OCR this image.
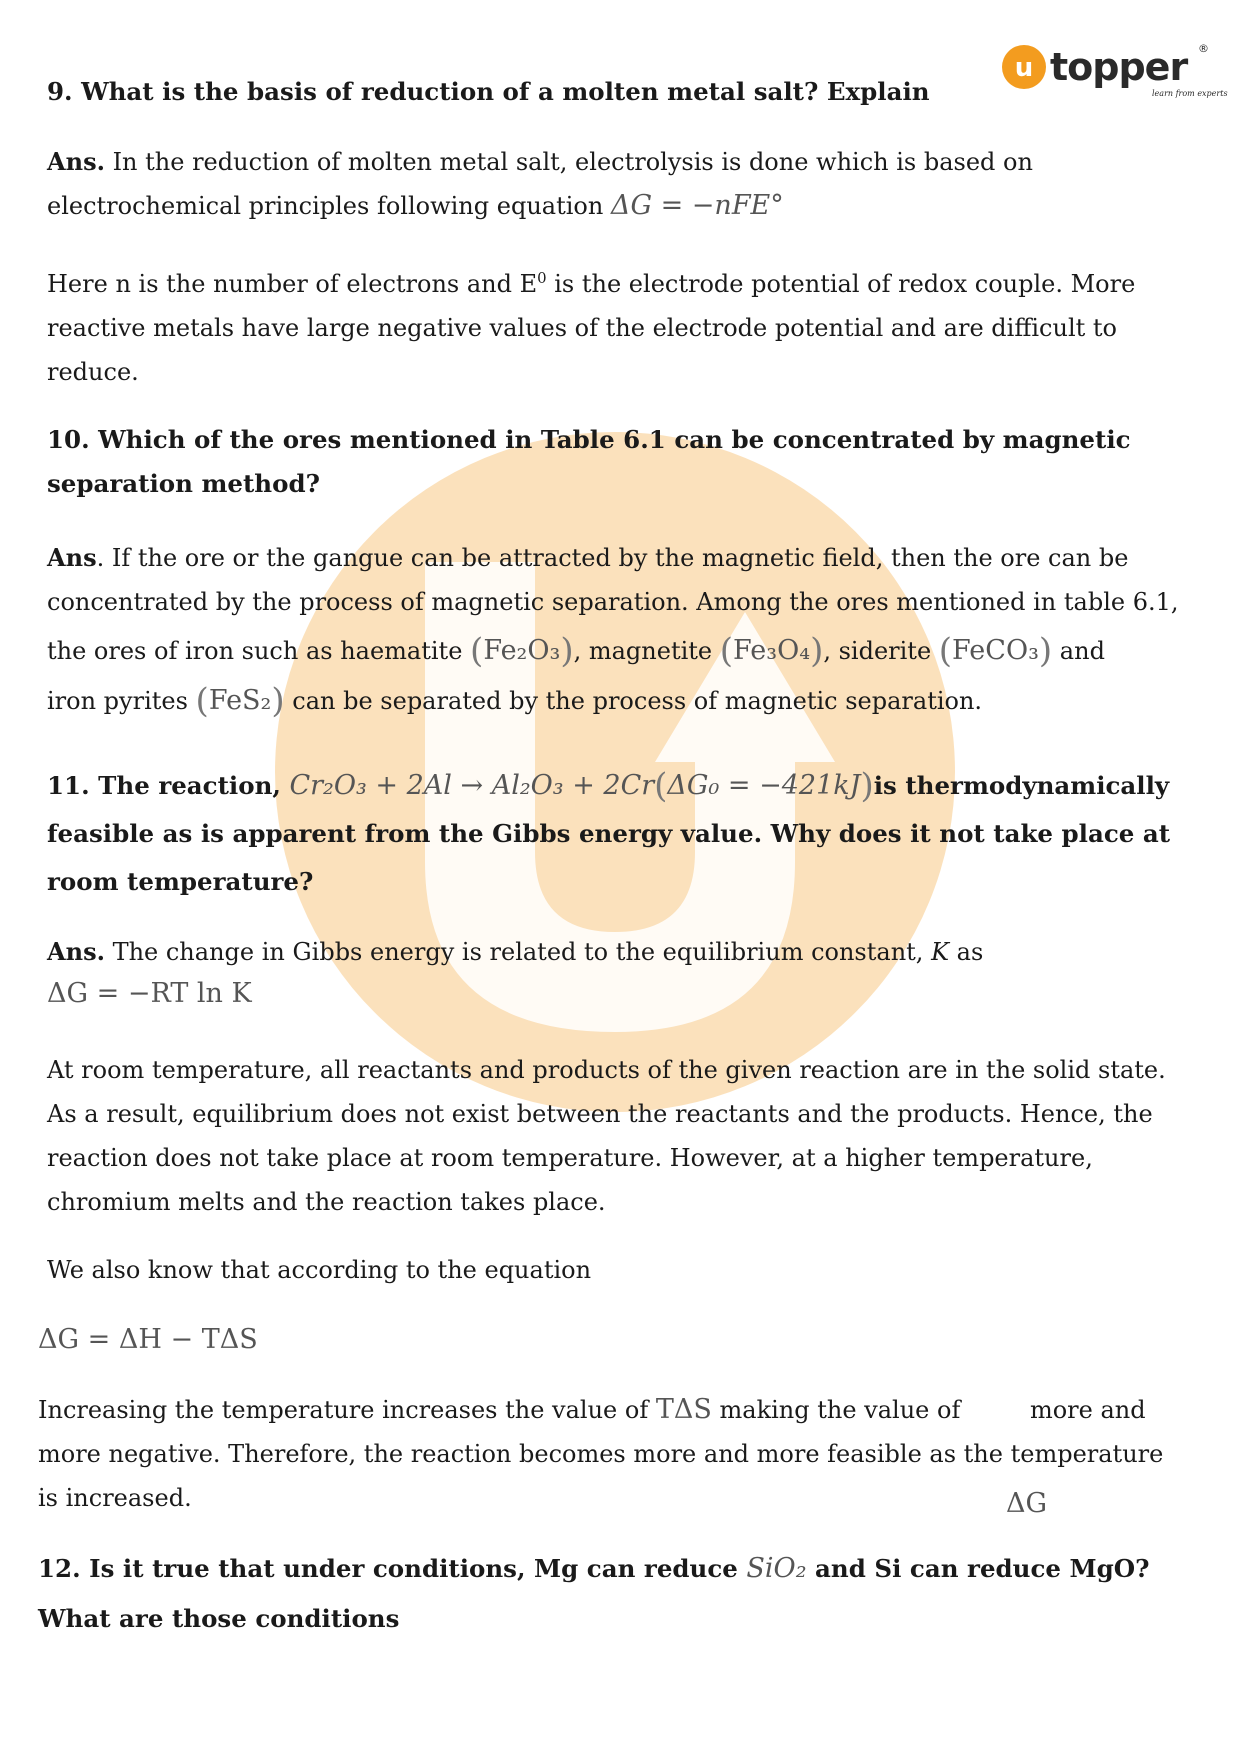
u topper ®
learn from experts
9. What is the basis of reduction of a molten metal salt? Explain
Ans. In the reduction of molten metal salt, electrolysis is done which is based on
electrochemical principles following equation ΔG = −nFE°
Here n is the number of electrons and $E^0$ is the electrode potential of redox couple. More reactive metals have large negative values of the electrode potential and are difficult to reduce.
10. Which of the ores mentioned in Table 6.1 can be concentrated by magnetic separation method?
Ans. If the ore or the gangue can be attracted by the magnetic field, then the ore can be
concentrated by the process of magnetic separation. Among the ores mentioned in table 6.1,
the ores of iron such as haematite (Fe₂O₃), magnetite (Fe₃O₄), siderite (FeCO₃) and
iron pyrites (FeS₂) can be separated by the process of magnetic separation.
11. The reaction, Cr₂O₃ + 2Al → Al₂O₃ + 2Cr(ΔG₀ = −421kJ)is thermodynamically feasible as is apparent from the Gibbs energy value. Why does it not take place at room temperature?
Ans. The change in Gibbs energy is related to the equilibrium constant, K as
ΔG = −RT ln K
At room temperature, all reactants and products of the given reaction are in the solid state. As a result, equilibrium does not exist between the reactants and the products. Hence, the reaction does not take place at room temperature. However, at a higher temperature, chromium melts and the reaction takes place.
We also know that according to the equation
ΔG = ΔH − TΔS
Increasing the temperature increases the value of TΔS making the value of	more and more negative. Therefore, the reaction becomes more and more feasible as the temperature is increased.	ΔG
12. Is it true that under conditions, Mg can reduce SiO₂ and Si can reduce MgO? What are those conditions
